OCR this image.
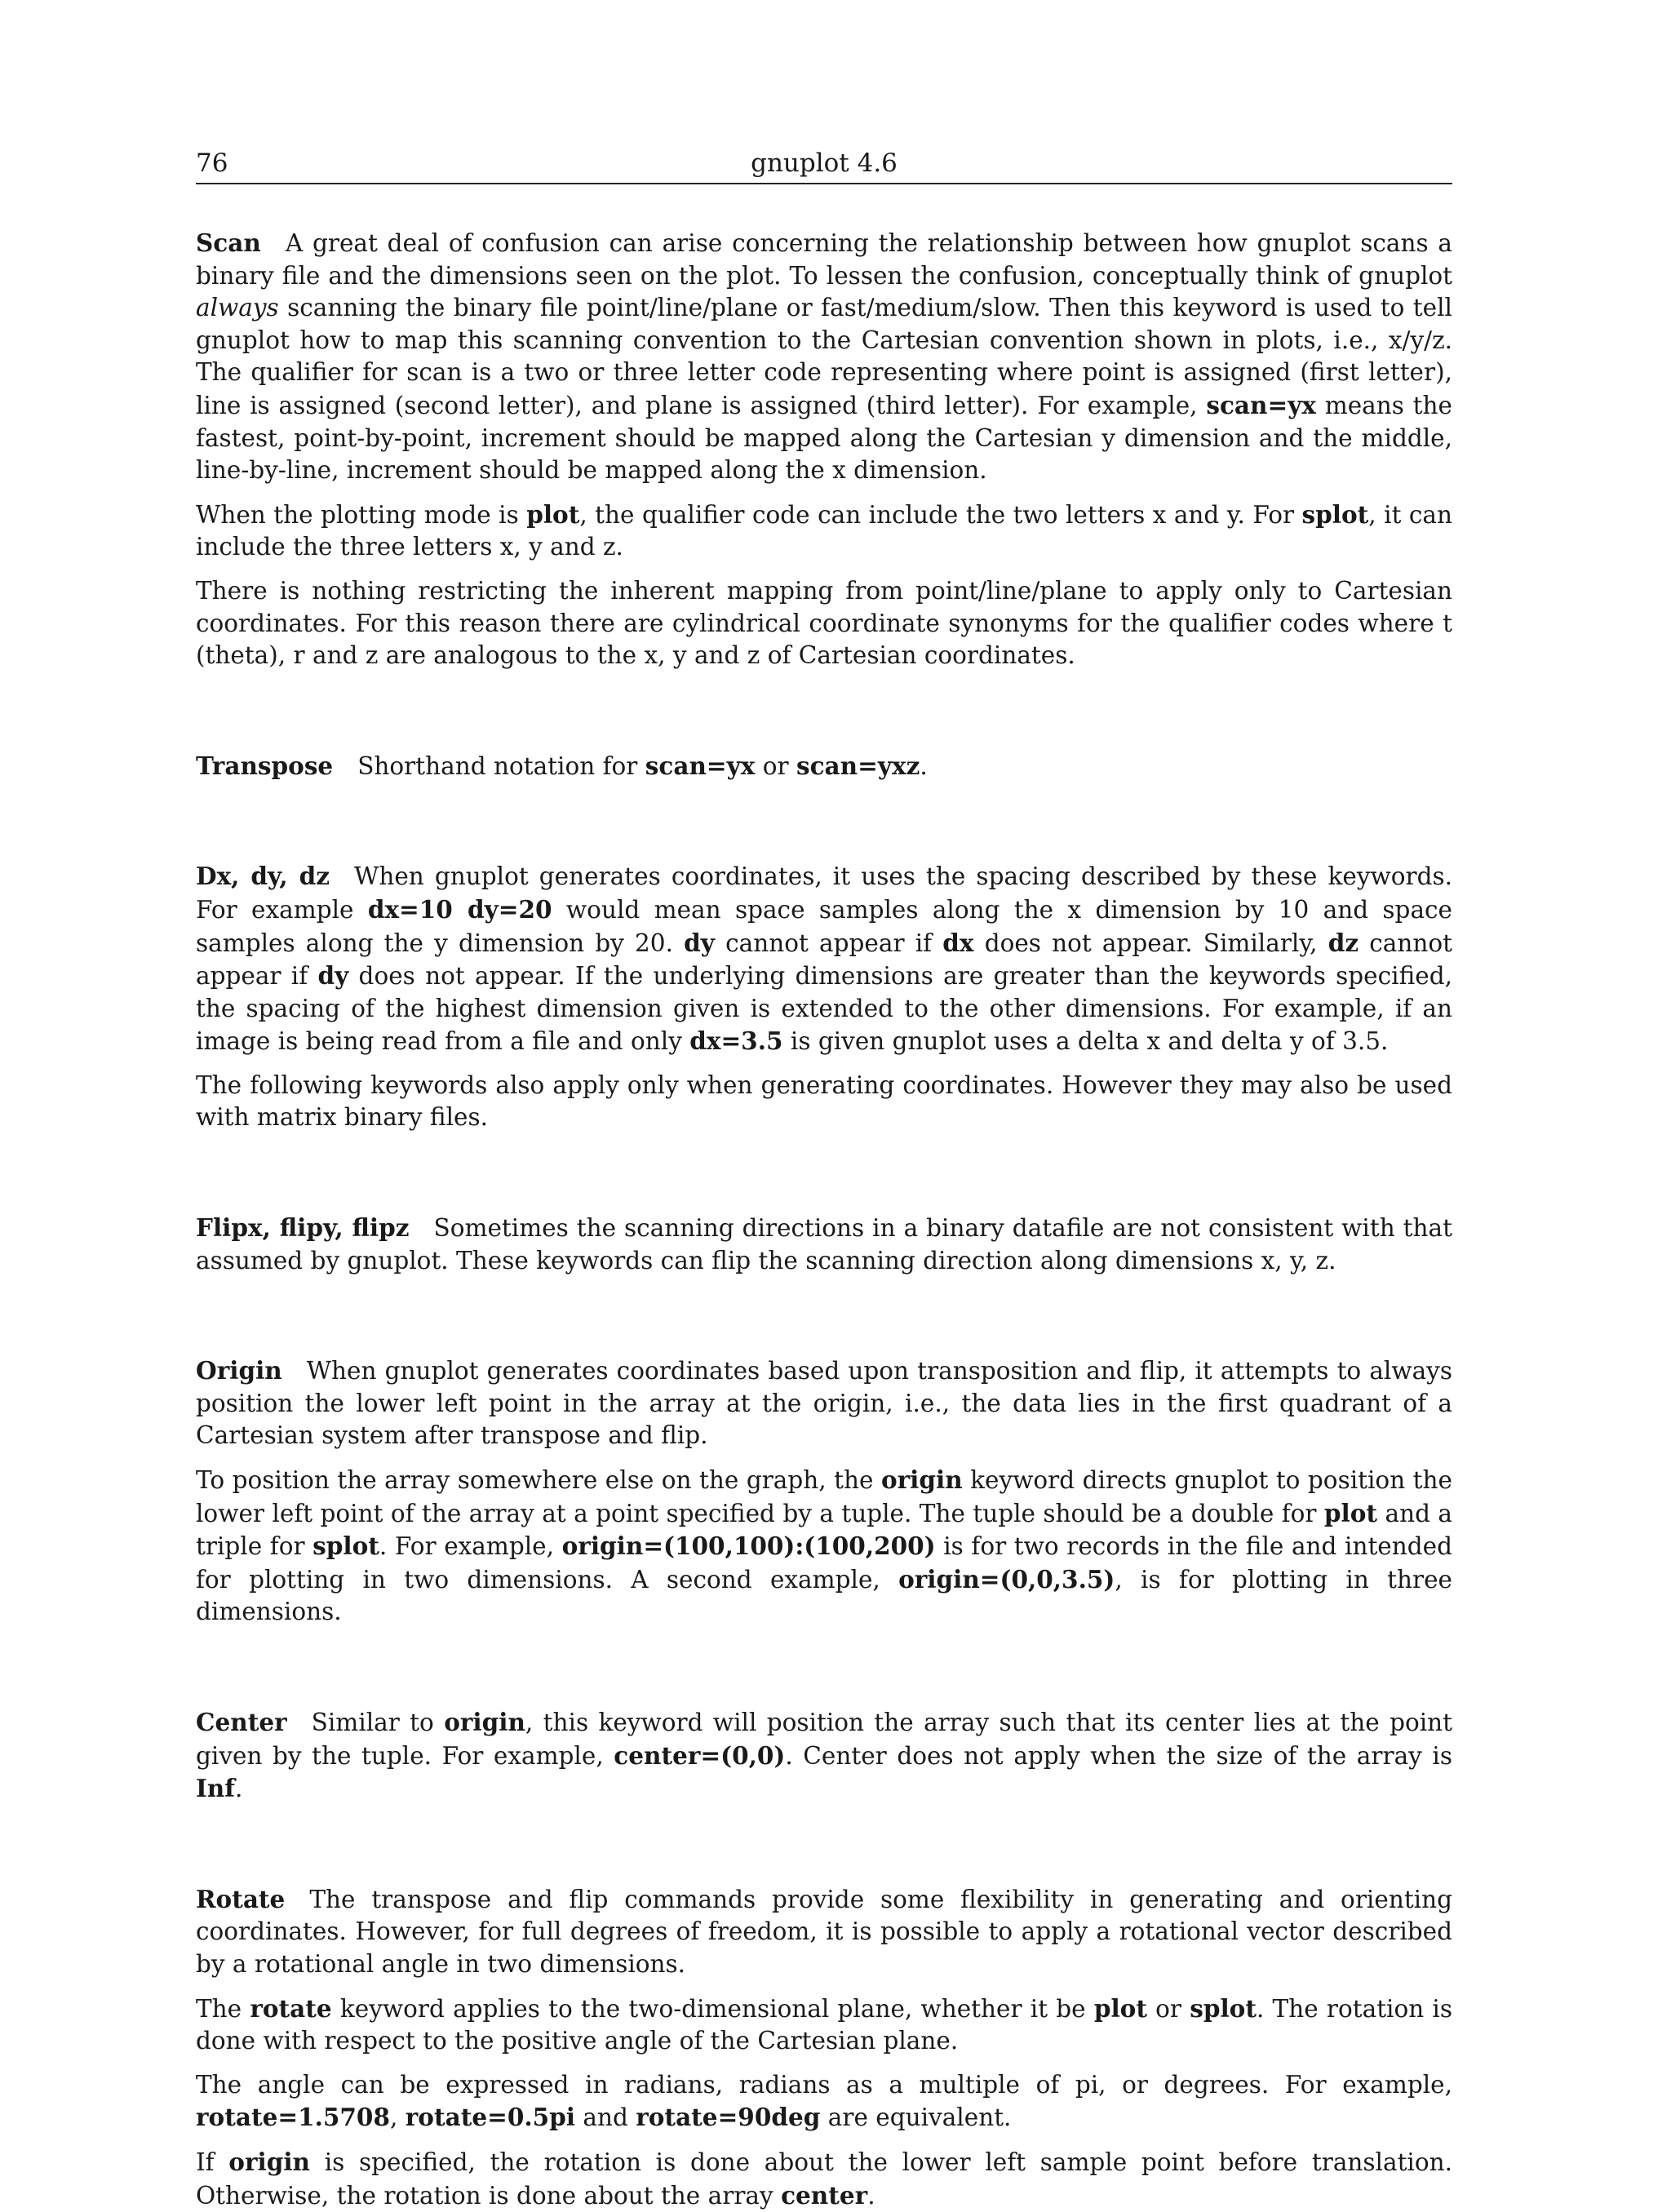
76	gnuplot 4.6

Scan A great deal of confusion can arise concerning the relationship between how gnuplot scans a binary file and the dimensions seen on the plot. To lessen the confusion, conceptually think of gnuplot always scanning the binary file point/line/plane or fast/medium/slow. Then this keyword is used to tell gnuplot how to map this scanning convention to the Cartesian convention shown in plots, i.e., x/y/z. The qualifier for scan is a two or three letter code representing where point is assigned (first letter), line is assigned (second letter), and plane is assigned (third letter). For example, scan=yx means the fastest, point-by-point, increment should be mapped along the Cartesian y dimension and the middle, line-by-line, increment should be mapped along the x dimension.

When the plotting mode is plot, the qualifier code can include the two letters x and y. For splot, it can include the three letters x, y and z.

There is nothing restricting the inherent mapping from point/line/plane to apply only to Cartesian coordinates. For this reason there are cylindrical coordinate synonyms for the qualifier codes where t (theta), r and z are analogous to the x, y and z of Cartesian coordinates.

Transpose Shorthand notation for scan=yx or scan=yxz.

Dx, dy, dz When gnuplot generates coordinates, it uses the spacing described by these keywords. For example dx=10 dy=20 would mean space samples along the x dimension by 10 and space samples along the y dimension by 20. dy cannot appear if dx does not appear. Similarly, dz cannot appear if dy does not appear. If the underlying dimensions are greater than the keywords specified, the spacing of the highest dimension given is extended to the other dimensions. For example, if an image is being read from a file and only dx=3.5 is given gnuplot uses a delta x and delta y of 3.5.

The following keywords also apply only when generating coordinates. However they may also be used with matrix binary files.

Flipx, flipy, flipz Sometimes the scanning directions in a binary datafile are not consistent with that assumed by gnuplot. These keywords can flip the scanning direction along dimensions x, y, z.

Origin When gnuplot generates coordinates based upon transposition and flip, it attempts to always position the lower left point in the array at the origin, i.e., the data lies in the first quadrant of a Cartesian system after transpose and flip.

To position the array somewhere else on the graph, the origin keyword directs gnuplot to position the lower left point of the array at a point specified by a tuple. The tuple should be a double for plot and a triple for splot. For example, origin=(100,100):(100,200) is for two records in the file and intended for plotting in two dimensions. A second example, origin=(0,0,3.5), is for plotting in three dimensions.

Center Similar to origin, this keyword will position the array such that its center lies at the point given by the tuple. For example, center=(0,0). Center does not apply when the size of the array is Inf.

Rotate The transpose and flip commands provide some flexibility in generating and orienting coordinates. However, for full degrees of freedom, it is possible to apply a rotational vector described by a rotational angle in two dimensions.

The rotate keyword applies to the two-dimensional plane, whether it be plot or splot. The rotation is done with respect to the positive angle of the Cartesian plane.

The angle can be expressed in radians, radians as a multiple of pi, or degrees. For example, rotate=1.5708, rotate=0.5pi and rotate=90deg are equivalent.

If origin is specified, the rotation is done about the lower left sample point before translation. Otherwise, the rotation is done about the array center.
